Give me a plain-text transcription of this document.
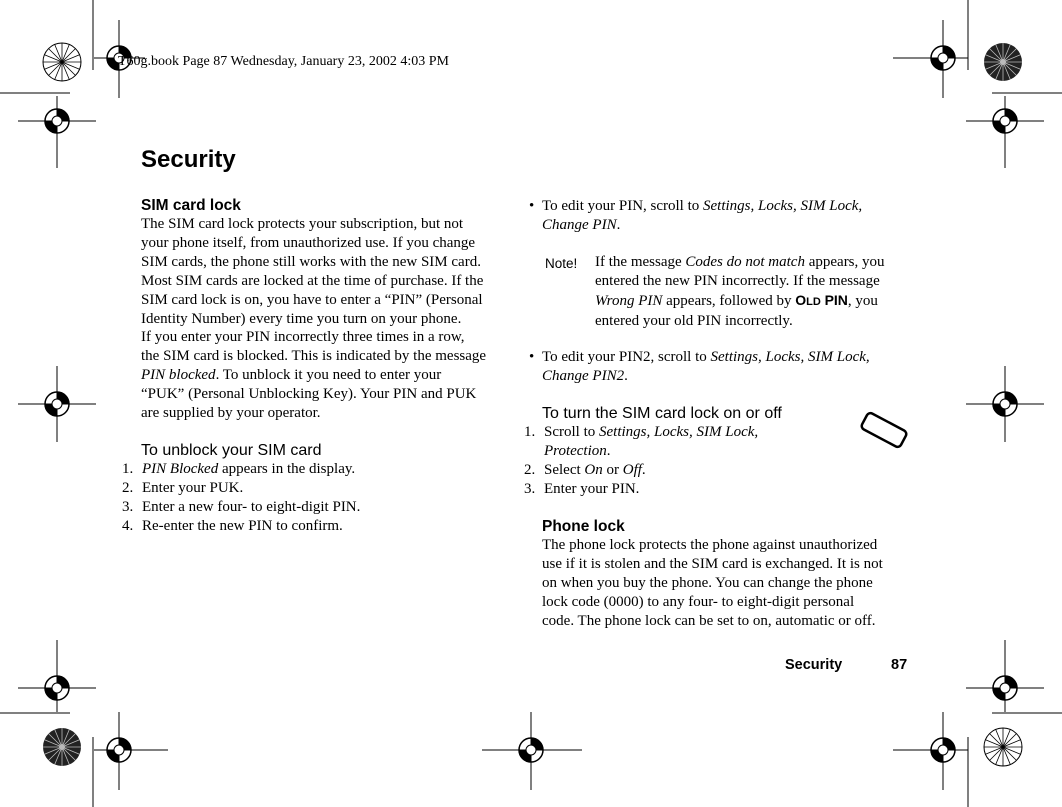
T60g.book Page 87 Wednesday, January 23, 2002 4:03 PM
Security
SIM card lock

The SIM card lock protects your subscription, but not
your phone itself, from unauthorized use. If you change
SIM cards, the phone still works with the new SIM card.
Most SIM cards are locked at the time of purchase. If the
SIM card lock is on, you have to enter a “PIN” (Personal
Identity Number) every time you turn on your phone.

If you enter your PIN incorrectly three times in a row,
the SIM card is blocked. This is indicated by the message
PIN blocked. To unblock it you need to enter your
“PUK” (Personal Unblocking Key). Your PIN and PUK
are supplied by your operator.

To unblock your SIM card
1. PIN Blocked appears in the display.
2. Enter your PUK.
3. Enter a new four- to eight-digit PIN.
4. Re-enter the new PIN to confirm.
• To edit your PIN, scroll to Settings, Locks, SIM Lock,
Change PIN.
Note!	If the message Codes do not match appears, you
entered the new PIN incorrectly. If the message
Wrong PIN appears, followed by OLD PIN, you
entered your old PIN incorrectly.
• To edit your PIN2, scroll to Settings, Locks, SIM Lock,
Change PIN2.
To turn the SIM card lock on or off
1. Scroll to Settings, Locks, SIM Lock,
Protection.
2. Select On or Off.
3. Enter your PIN.
Phone lock

The phone lock protects the phone against unauthorized
use if it is stolen and the SIM card is exchanged. It is not
on when you buy the phone. You can change the phone
lock code (0000) to any four- to eight-digit personal
code. The phone lock can be set to on, automatic or off.

Security	87
